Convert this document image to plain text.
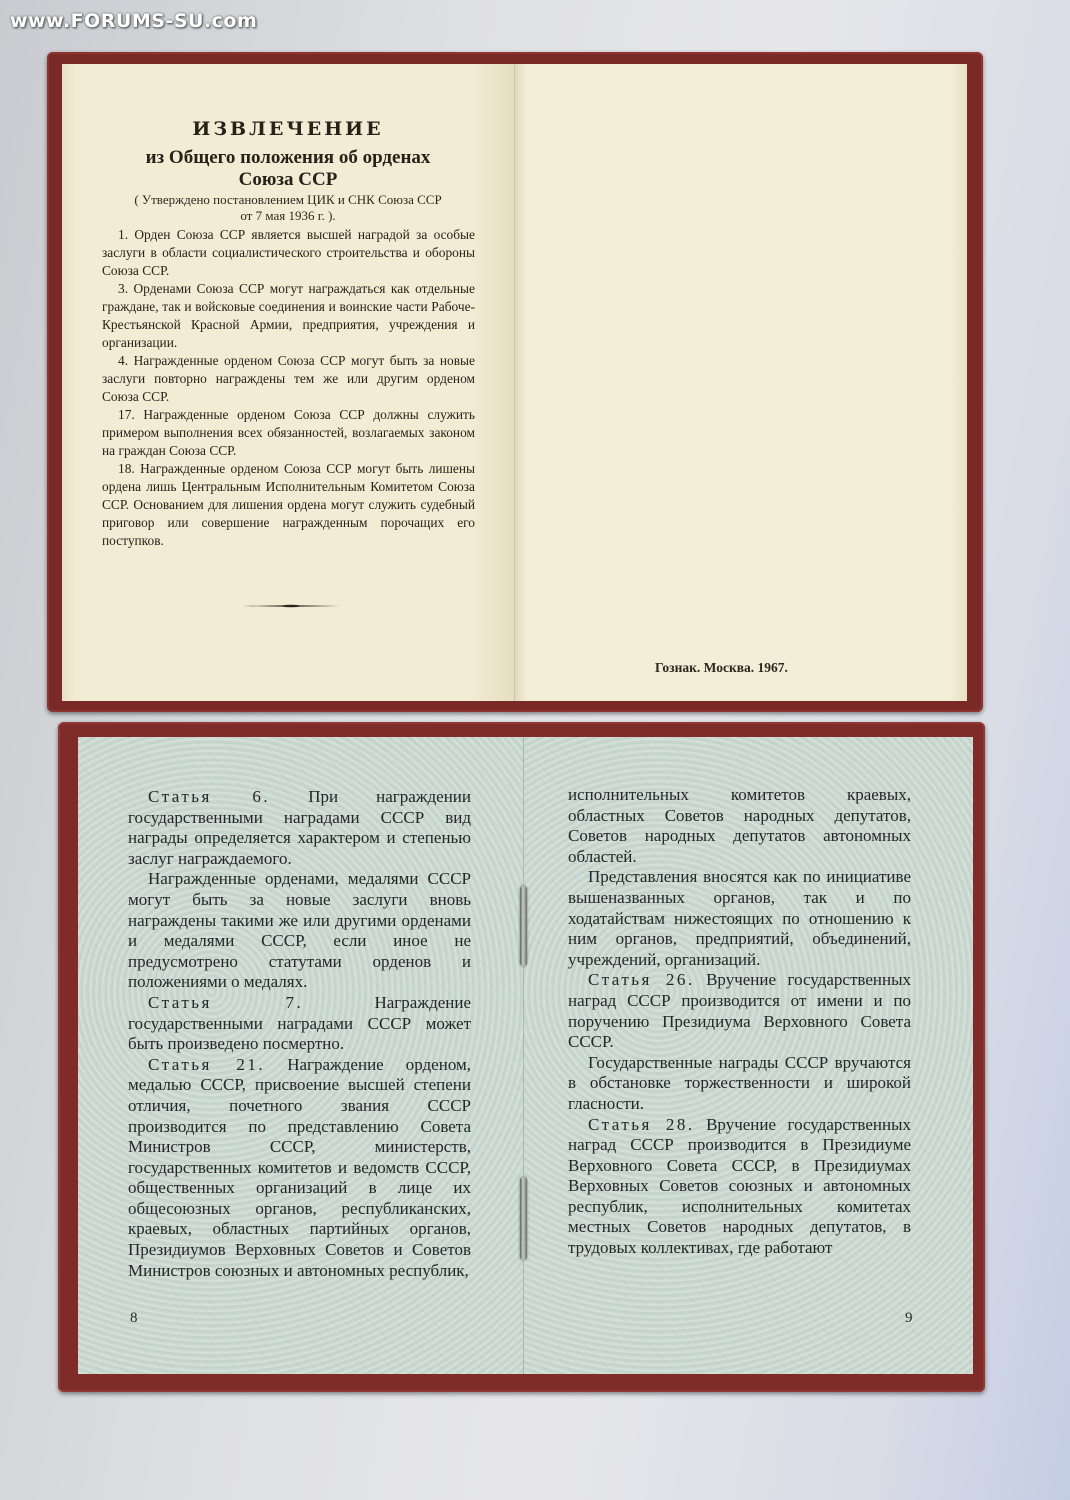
www.FORUMS-SU.com
ИЗВЛЕЧЕНИЕ
из Общего положения об орденах
Союза ССР
( Утверждено постановлением ЦИК и СНК Союза ССР
от 7 мая 1936 г. ).

1. Орден Союза ССР является высшей наградой за особые заслуги в области социалистического строительства и обороны Союза ССР.

3. Орденами Союза ССР могут награждаться как отдельные граждане, так и войсковые соединения и воинские части Рабоче-Крестьянской Красной Армии, предприятия, учреждения и организации.

4. Награжденные орденом Союза ССР могут быть за новые заслуги повторно награждены тем же или другим орденом Союза ССР.

17. Награжденные орденом Союза ССР должны служить примером выполнения всех обязанностей, возлагаемых законом на граждан Союза ССР.

18. Награжденные орденом Союза ССР могут быть лишены ордена лишь Центральным Исполнительным Комитетом Союза ССР. Основанием для лишения ордена могут служить судебный приговор или совершение награжденным порочащих его поступков.

Гознак. Москва. 1967.

Статья 6. При награждении государственными наградами СССР вид награды определяется характером и степенью заслуг награждаемого.

Награжденные орденами, медалями СССР могут быть за новые заслуги вновь награждены такими же или другими орденами и медалями СССР, если иное не предусмотрено статутами орденов и положениями о медалях.

Статья 7. Награждение государственными наградами СССР может быть произведено посмертно.

Статья 21. Награждение орденом, медалью СССР, присвоение высшей степени отличия, почетного звания СССР производится по представлению Совета Министров СССР, министерств, государственных комитетов и ведомств СССР, общественных организаций в лице их общесоюзных органов, республиканских, краевых, областных партийных органов, Президиумов Верховных Советов и Советов Министров союзных и автономных республик,

исполнительных комитетов краевых, областных Советов народных депутатов, Советов народных депутатов автономных областей.

Представления вносятся как по инициативе вышеназванных органов, так и по ходатайствам нижестоящих по отношению к ним органов, предприятий, объединений, учреждений, организаций.

Статья 26. Вручение государственных наград СССР производится от имени и по поручению Президиума Верховного Совета СССР.

Государственные награды СССР вручаются в обстановке торжественности и широкой гласности.

Статья 28. Вручение государственных наград СССР производится в Президиуме Верховного Совета СССР, в Президиумах Верховных Советов союзных и автономных республик, исполнительных комитетах местных Советов народных депутатов, в трудовых коллективах, где работают

8	9
